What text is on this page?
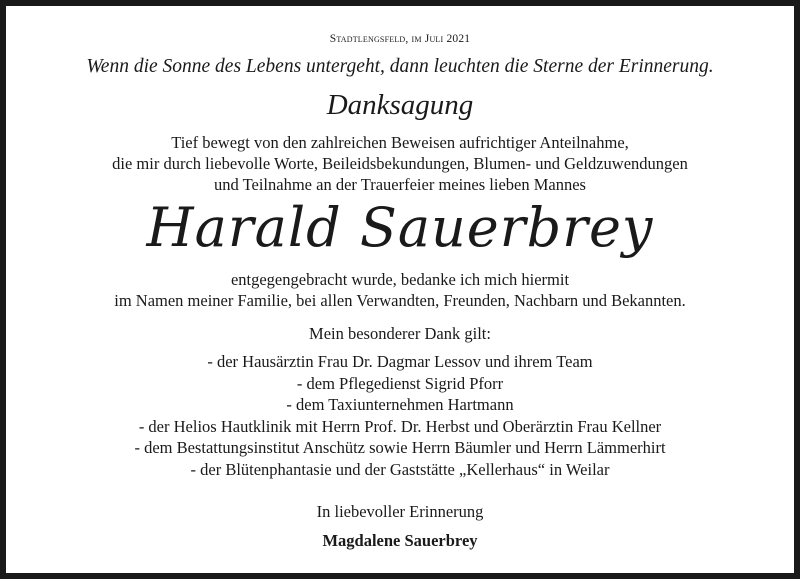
Stadtlengsfeld, im Juli 2021
Wenn die Sonne des Lebens untergeht, dann leuchten die Sterne der Erinnerung.
Danksagung
Tief bewegt von den zahlreichen Beweisen aufrichtiger Anteilnahme,
die mir durch liebevolle Worte, Beileidsbekundungen, Blumen- und Geldzuwendungen
und Teilnahme an der Trauerfeier meines lieben Mannes
Harald Sauerbrey
entgegengebracht wurde, bedanke ich mich hiermit
im Namen meiner Familie, bei allen Verwandten, Freunden, Nachbarn und Bekannten.
Mein besonderer Dank gilt:
- der Hausärztin Frau Dr. Dagmar Lessov und ihrem Team
- dem Pflegedienst Sigrid Pforr
- dem Taxiunternehmen Hartmann
- der Helios Hautklinik mit Herrn Prof. Dr. Herbst und Oberärztin Frau Kellner
- dem Bestattungsinstitut Anschütz sowie Herrn Bäumler und Herrn Lämmerhirt
- der Blütenphantasie und der Gaststätte „Kellerhaus“ in Weilar
In liebevoller Erinnerung
Magdalene Sauerbrey
